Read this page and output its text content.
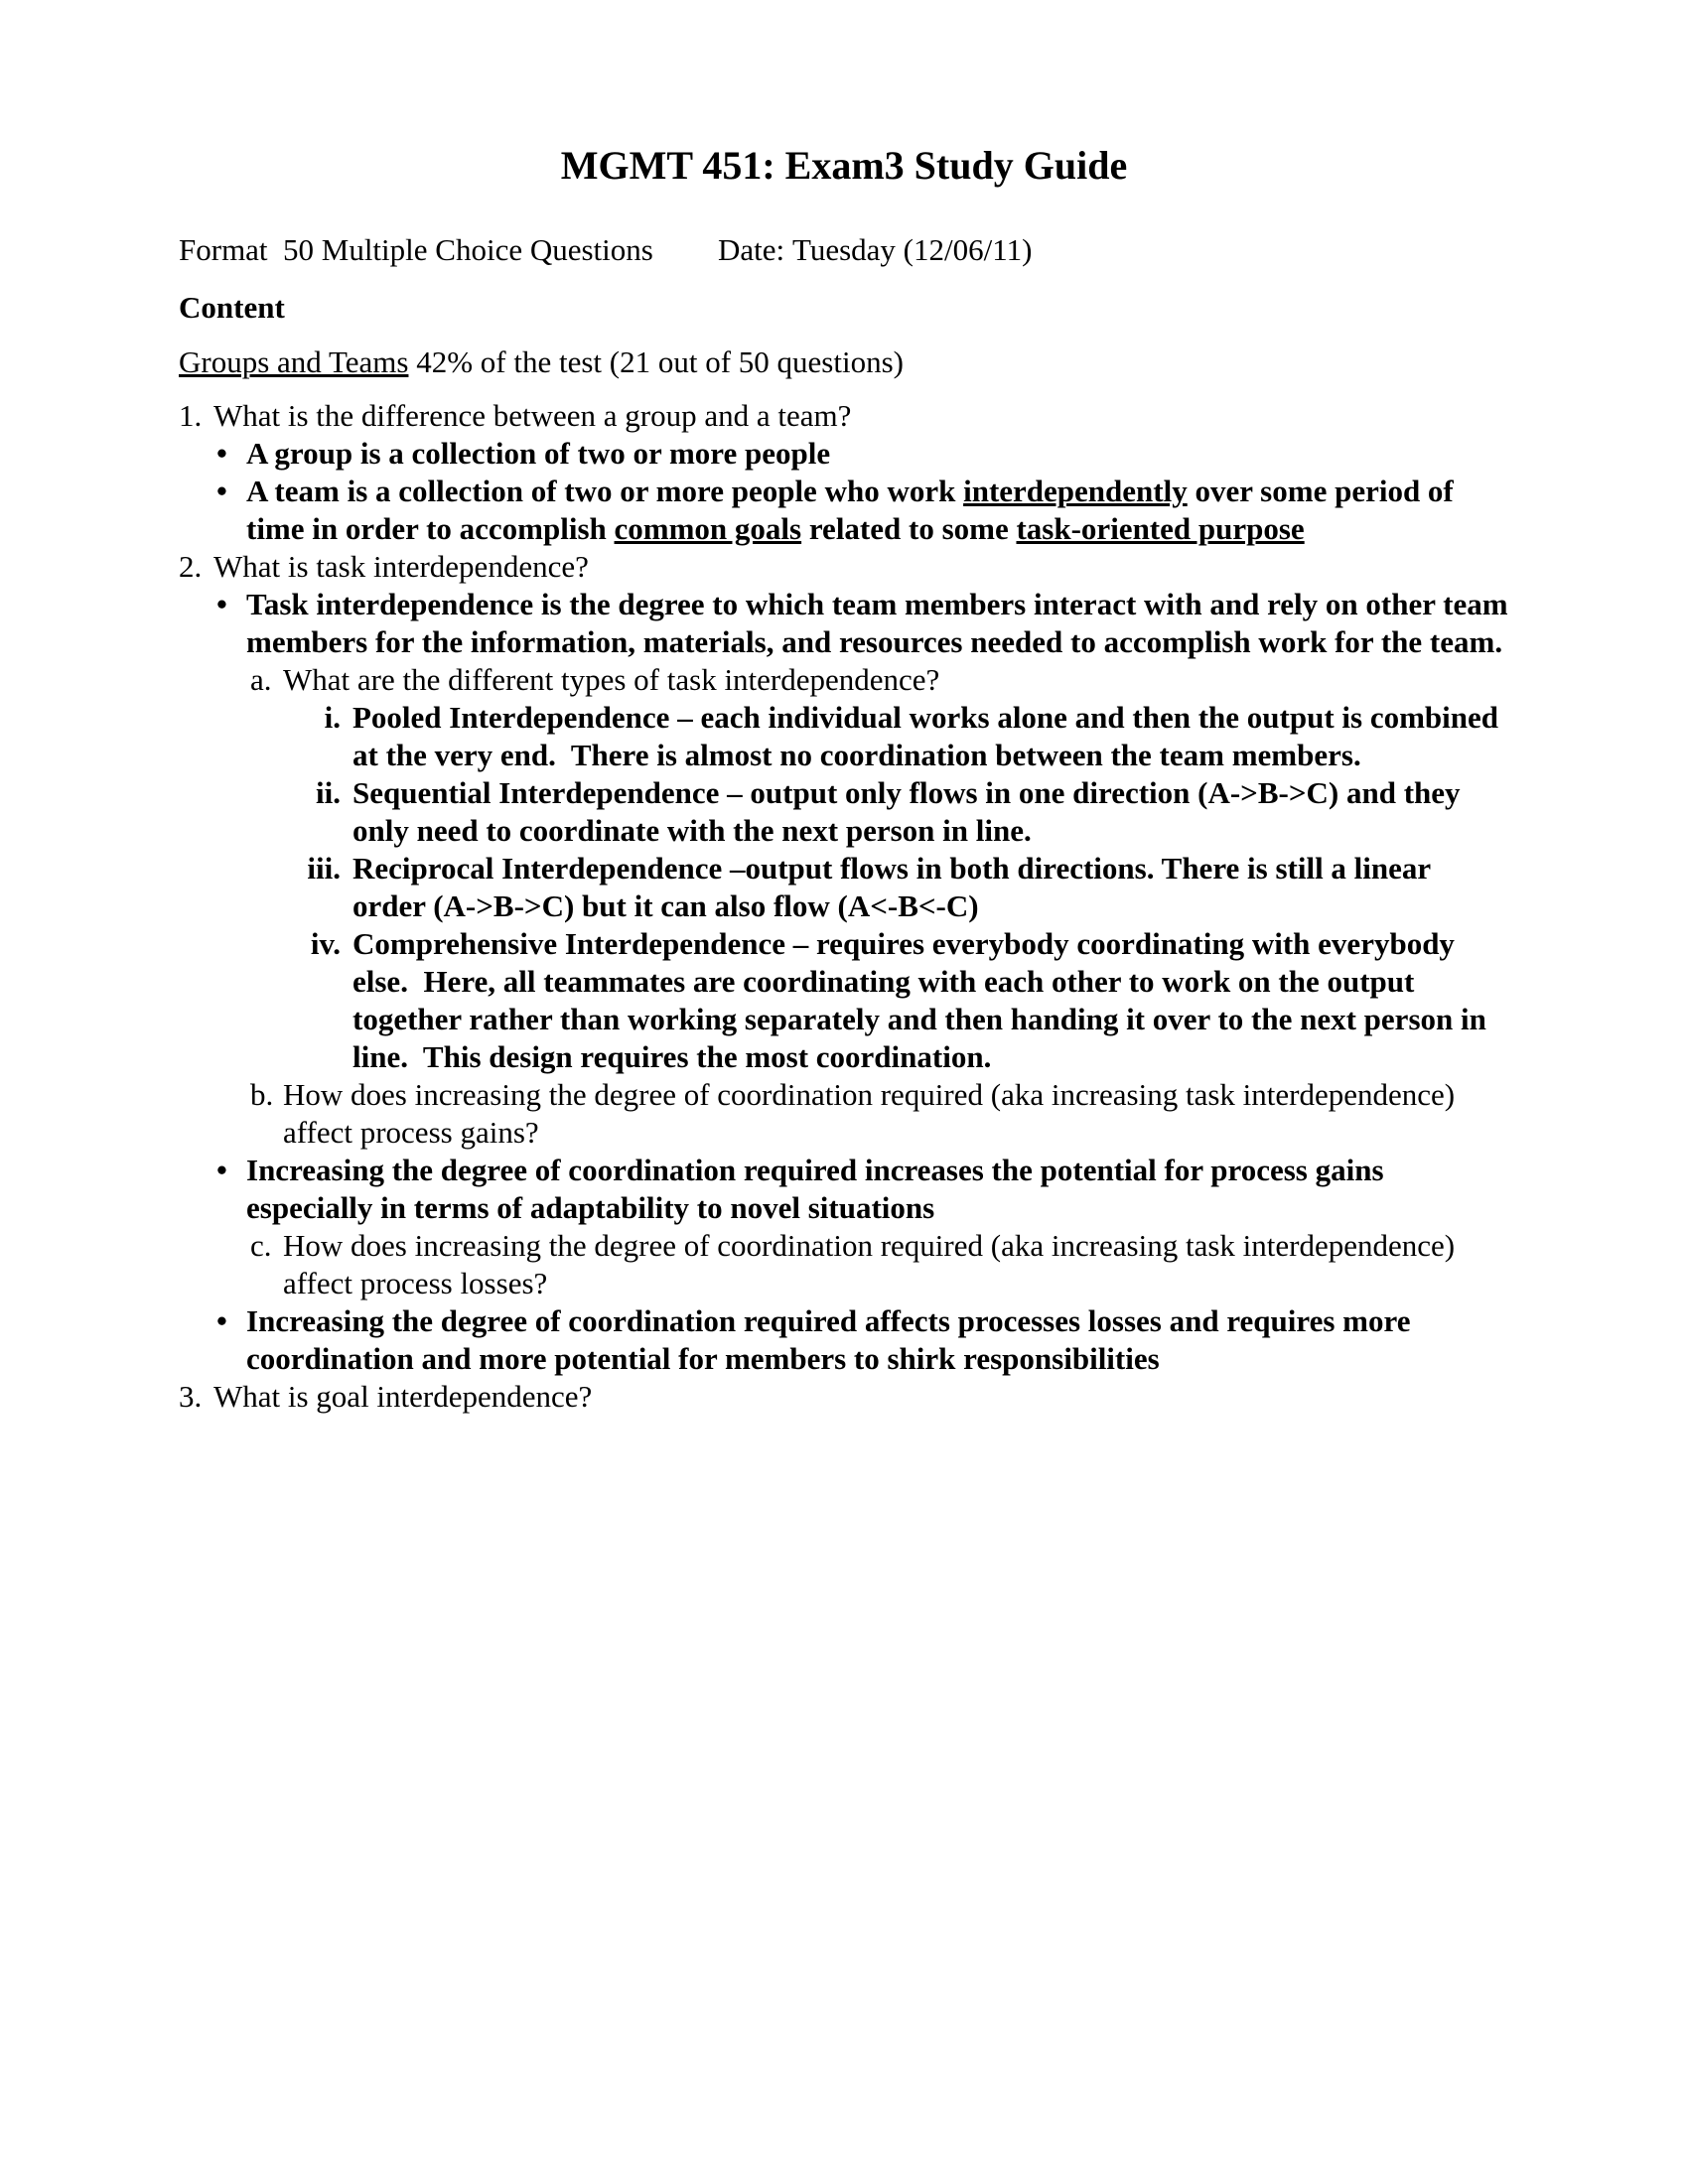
MGMT 451: Exam3 Study Guide
Format 50 Multiple Choice Questions Date: Tuesday (12/06/11)
Content

Groups and Teams 42% of the test (21 out of 50 questions)

1. What is the difference between a group and a team?
• A group is a collection of two or more people
• A team is a collection of two or more people who work interdependently over some period of time in order to accomplish common goals related to some task-oriented purpose
2. What is task interdependence?
• Task interdependence is the degree to which team members interact with and rely on other team members for the information, materials, and resources needed to accomplish work for the team.
a. What are the different types of task interdependence?
i. Pooled Interdependence – each individual works alone and then the output is combined at the very end.  There is almost no coordination between the team members.
ii. Sequential Interdependence – output only flows in one direction (A->B->C) and they only need to coordinate with the next person in line.
iii. Reciprocal Interdependence –output flows in both directions. There is still a linear order (A->B->C) but it can also flow (A<-B<-C)
iv. Comprehensive Interdependence – requires everybody coordinating with everybody else.  Here, all teammates are coordinating with each other to work on the output together rather than working separately and then handing it over to the next person in line.  This design requires the most coordination.
b. How does increasing the degree of coordination required (aka increasing task interdependence) affect process gains?
• Increasing the degree of coordination required increases the potential for process gains especially in terms of adaptability to novel situations
c. How does increasing the degree of coordination required (aka increasing task interdependence) affect process losses?
• Increasing the degree of coordination required affects processes losses and requires more coordination and more potential for members to shirk responsibilities
3. What is goal interdependence?
